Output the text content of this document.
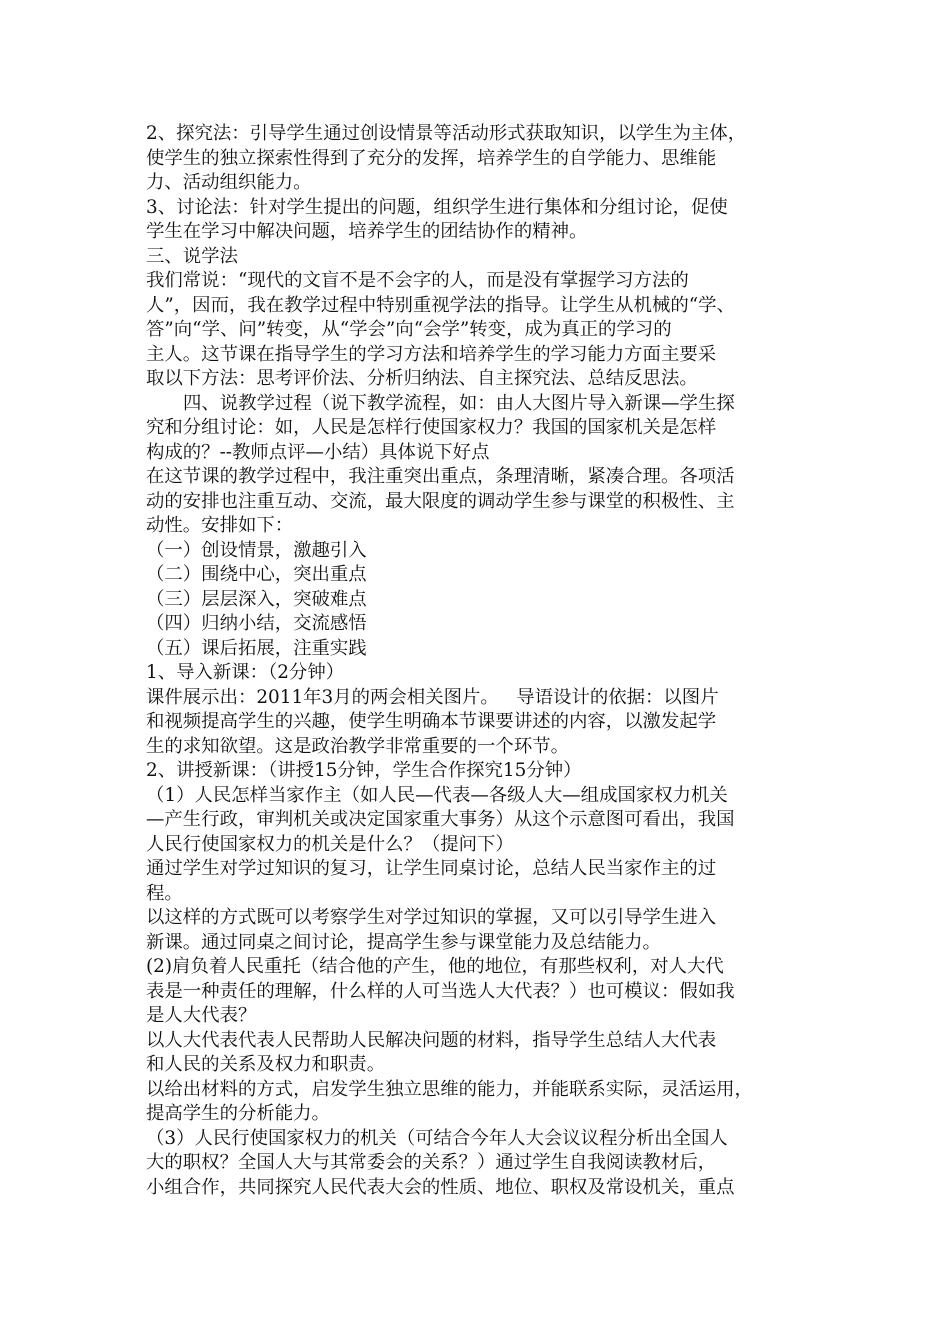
2、探究法：引导学生通过创设情景等活动形式获取知识，以学生为主体，
使学生的独立探索性得到了充分的发挥，培养学生的自学能力、思维能
力、活动组织能力。
3、讨论法：针对学生提出的问题，组织学生进行集体和分组讨论，促使
学生在学习中解决问题，培养学生的团结协作的精神。
三、说学法
我们常说：“现代的文盲不是不会字的人，而是没有掌握学习方法的
人”，因而，我在教学过程中特别重视学法的指导。让学生从机械的“学、
答”向“学、问”转变，从“学会”向“会学”转变，成为真正的学习的
主人。这节课在指导学生的学习方法和培养学生的学习能力方面主要采
取以下方法：思考评价法、分析归纳法、自主探究法、总结反思法。
四、说教学过程（说下教学流程，如：由人大图片导入新课—学生探
究和分组讨论：如，人民是怎样行使国家权力？我国的国家机关是怎样
构成的？--教师点评—小结）具体说下好点
在这节课的教学过程中，我注重突出重点，条理清晰，紧凑合理。各项活
动的安排也注重互动、交流，最大限度的调动学生参与课堂的积极性、主
动性。安排如下：
（一）创设情景，激趣引入
（二）围绕中心，突出重点
（三）层层深入，突破难点
（四）归纳小结，交流感悟
（五）课后拓展，注重实践
1、导入新课：（2分钟）
课件展示出：2011年3月的两会相关图片。   导语设计的依据：以图片
和视频提高学生的兴趣，使学生明确本节课要讲述的内容，以激发起学
生的求知欲望。这是政治教学非常重要的一个环节。
2、讲授新课：（讲授15分钟，学生合作探究15分钟）
（1）人民怎样当家作主（如人民—代表—各级人大—组成国家权力机关
—产生行政，审判机关或决定国家重大事务）从这个示意图可看出，我国
人民行使国家权力的机关是什么？（提问下）
通过学生对学过知识的复习，让学生同桌讨论，总结人民当家作主的过
程。
以这样的方式既可以考察学生对学过知识的掌握，又可以引导学生进入
新课。通过同桌之间讨论，提高学生参与课堂能力及总结能力。
(2)肩负着人民重托（结合他的产生，他的地位，有那些权利，对人大代
表是一种责任的理解，什么样的人可当选人大代表？）也可模议：假如我
是人大代表？
以人大代表代表人民帮助人民解决问题的材料，指导学生总结人大代表
和人民的关系及权力和职责。
以给出材料的方式，启发学生独立思维的能力，并能联系实际，灵活运用，
提高学生的分析能力。
（3）人民行使国家权力的机关（可结合今年人大会议议程分析出全国人
大的职权？全国人大与其常委会的关系？）通过学生自我阅读教材后，
小组合作，共同探究人民代表大会的性质、地位、职权及常设机关，重点
